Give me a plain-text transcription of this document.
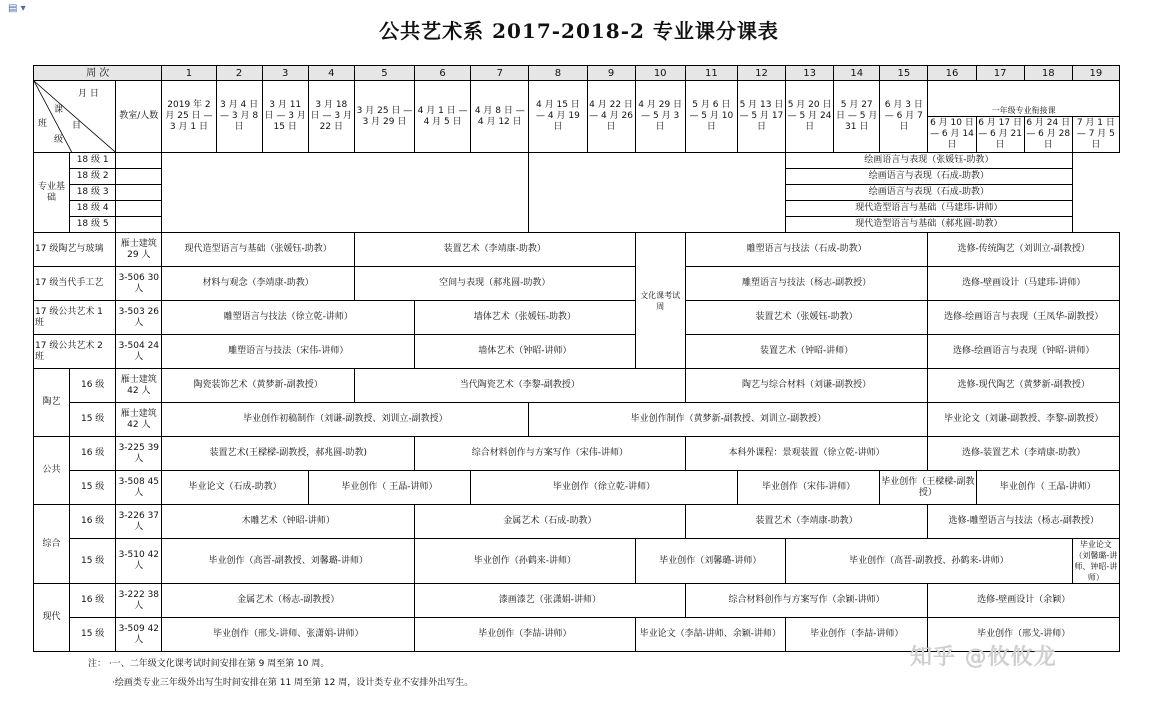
▤ ▾
公共艺术系 2017-2018-2 专业课分课表
周 次			1	2	3	4	5	6	7	8	9	10	11	12	13	14	15	16	17	18	19

月 日
课
班 目
级		教室/人数	2019 年 2 月 25 日 — 3 月 1 日	3 月 4 日 — 3 月 8 日	3 月 11 日 — 3 月 15 日	3 月 18 日 — 3 月 22 日	3 月 25 日 — 3 月 29 日	4 月 1 日 — 4 月 5 日	4 月 8 日 — 4 月 12 日	4 月 15 日 — 4 月 19 日	4 月 22 日 — 4 月 26 日	4 月 29 日 — 5 月 3 日	5 月 6 日 — 5 月 10 日	5 月 13 日 — 5 月 17 日	5 月 20 日 — 5 月 24 日	5 月 27 日 — 5 月 31 日	6 月 3 日 — 6 月 7 日	一年级专业衔接课			
																		6 月 10 日 — 6 月 14 日	6 月 17 日 — 6 月 21 日	6 月 24 日 — 6 月 28 日	7 月 1 日 — 7 月 5 日
专业基础	18 级 1														绘画语言与表现（张媛钰-助教）						
	18 级 2														绘画语言与表现（石成-助教）						
	18 级 3														绘画语言与表现（石成-助教）						
	18 级 4														现代造型语言与基础（马建玮-讲师）						
	18 级 5														现代造型语言与基础（郝兆圆-助教）						
17 级陶艺与玻璃		雁士建筑 29 人	现代造型语言与基础（张媛钰-助教）				装置艺术（李靖康-助教）					文化课考试周	雕塑语言与技法（石成-助教）					选修-传统陶艺（刘训立-副教授）			
17 级当代手工艺		3-506 30 人	材料与观念（李靖康-助教）				空间与表现（郝兆圆-助教）						雕塑语言与技法（杨志-副教授）					选修-壁画设计（马建玮-讲师）			
17 级公共艺术 1 班		3-503 26 人	雕塑语言与技法（徐立乾-讲师）					墙体艺术（张媛钰-助教）					装置艺术（张媛钰-助教）					选修-绘画语言与表现（王凤华-副教授）			
17 级公共艺术 2 班		3-504 24 人	雕塑语言与技法（宋伟-讲师）					墙体艺术（钟昭-讲师）					装置艺术（钟昭-讲师）					选修-绘画语言与表现（钟昭-讲师）			
陶艺	16 级	雁士建筑 42 人	陶瓷装饰艺术（黄梦新-副教授）				当代陶瓷艺术（李黎-副教授）						陶艺与综合材料（刘谦-副教授）					选修-现代陶艺（黄梦新-副教授）			
	15 级	雁士建筑 42 人	毕业创作初稿制作（刘谦-副教授、刘训立-副教授）							毕业创作制作（黄梦新-副教授、刘训立-副教授）								毕业论文（刘谦-副教授、李黎-副教授）			
公共	16 级	3-225 39 人	装置艺术(王樑樑-副教授，郝兆圆-助教)					综合材料创作与方案写作（宋伟-讲师）					本科外课程：景观装置（徐立乾-讲师）					选修-装置艺术（李靖康-助教）			
	15 级	3-508 45 人	毕业论文（石成-助教）			毕业创作（ 王晶-讲师）			毕业创作（徐立乾-讲师）					毕业创作（宋伟-讲师）			毕业创作（王樑樑-副教授）		毕业创作（ 王晶-讲师）		
综合	16 级	3-226 37 人	木雕艺术（钟昭-讲师）					金属艺术（石成-助教）					装置艺术（李靖康-助教）					选修-雕塑语言与技法（杨志-副教授）			
	15 级	3-510 42 人	毕业创作（高晋-副教授、刘馨璐-讲师）					毕业创作（孙鹤来-讲师）				毕业创作（刘馨璐-讲师）			毕业创作（高晋-副教授、孙鹤来-讲师）						毕业论文（刘馨璐-讲师、钟昭-讲师）
现代	16 级	3-222 38 人	金属艺术（杨志-副教授）					漆画漆艺（张潇娟-讲师）					综合材料创作与方案写作（余颖-讲师）					选修-壁画设计（余颖）			
	15 级	3-509 42 人	毕业创作（邢戈-讲师、张潇娟-讲师）					毕业创作（李喆-讲师）				毕业论文（李喆-讲师、余颖-讲师）			毕业创作（李喆-讲师）			毕业创作（邢戈-讲师）			
注： ·一、二年级文化课考试时间安排在第 9 周至第 10 周。
·绘画类专业三年级外出写生时间安排在第 11 周至第 12 周，设计类专业不安排外出写生。
知乎 @攸攸龙
